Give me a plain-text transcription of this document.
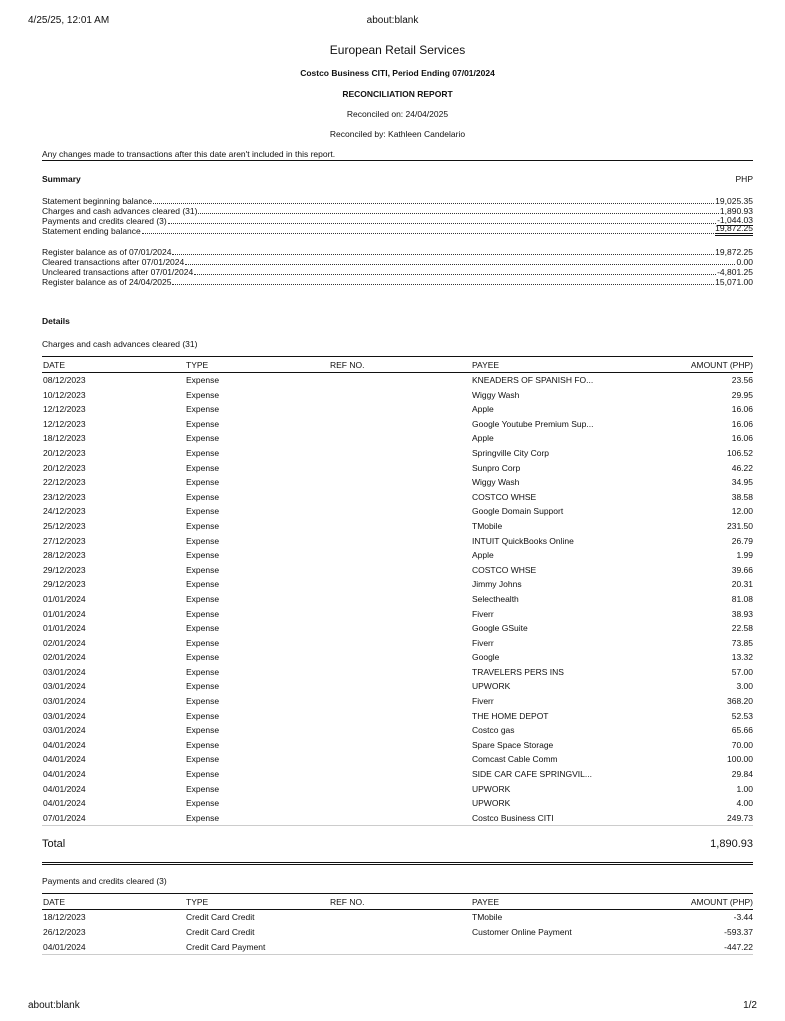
4/25/25, 12:01 AM	about:blank
European Retail Services
Costco Business CITI, Period Ending 07/01/2024
RECONCILIATION REPORT
Reconciled on: 24/04/2025
Reconciled by: Kathleen Candelario
Any changes made to transactions after this date aren't included in this report.
Summary	PHP
Statement beginning balance	19,025.35
Charges and cash advances cleared (31)	1,890.93
Payments and credits cleared (3)	-1,044.03
Statement ending balance	19,872.25
Register balance as of 07/01/2024	19,872.25
Cleared transactions after 07/01/2024	0.00
Uncleared transactions after 07/01/2024	-4,801.25
Register balance as of 24/04/2025	15,071.00
Details
Charges and cash advances cleared (31)
DATE	TYPE	REF NO.	PAYEE	AMOUNT (PHP)
08/12/2023	Expense		KNEADERS OF SPANISH FO...	23.56
10/12/2023	Expense		Wiggy Wash	29.95
12/12/2023	Expense		Apple	16.06
12/12/2023	Expense		Google Youtube Premium Sup...	16.06
18/12/2023	Expense		Apple	16.06
20/12/2023	Expense		Springville City Corp	106.52
20/12/2023	Expense		Sunpro Corp	46.22
22/12/2023	Expense		Wiggy Wash	34.95
23/12/2023	Expense		COSTCO WHSE	38.58
24/12/2023	Expense		Google Domain Support	12.00
25/12/2023	Expense		TMobile	231.50
27/12/2023	Expense		INTUIT QuickBooks Online	26.79
28/12/2023	Expense		Apple	1.99
29/12/2023	Expense		COSTCO WHSE	39.66
29/12/2023	Expense		Jimmy Johns	20.31
01/01/2024	Expense		Selecthealth	81.08
01/01/2024	Expense		Fiverr	38.93
01/01/2024	Expense		Google GSuite	22.58
02/01/2024	Expense		Fiverr	73.85
02/01/2024	Expense		Google	13.32
03/01/2024	Expense		TRAVELERS PERS INS	57.00
03/01/2024	Expense		UPWORK	3.00
03/01/2024	Expense		Fiverr	368.20
03/01/2024	Expense		THE HOME DEPOT	52.53
03/01/2024	Expense		Costco gas	65.66
04/01/2024	Expense		Spare Space Storage	70.00
04/01/2024	Expense		Comcast Cable Comm	100.00
04/01/2024	Expense		SIDE CAR CAFE SPRINGVIL...	29.84
04/01/2024	Expense		UPWORK	1.00
04/01/2024	Expense		UPWORK	4.00
07/01/2024	Expense		Costco Business CITI	249.73
Total	1,890.93
Payments and credits cleared (3)
DATE	TYPE	REF NO.	PAYEE	AMOUNT (PHP)
18/12/2023	Credit Card Credit		TMobile	-3.44
26/12/2023	Credit Card Credit		Customer Online Payment	-593.37
04/01/2024	Credit Card Payment			-447.22
about:blank	1/2
